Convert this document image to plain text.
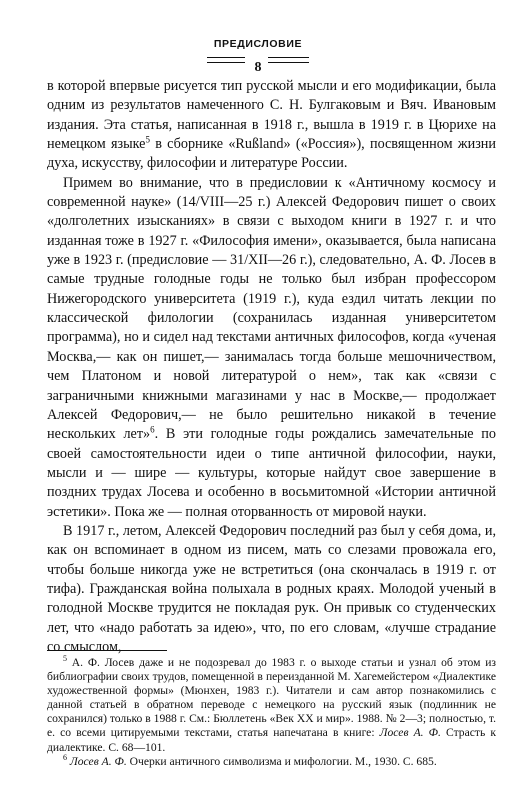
ПРЕДИСЛОВИЕ
8

в которой впервые рисуется тип русской мысли и его модификации, была одним из результатов намеченного С. Н. Булгаковым и Вяч. Ивановым издания. Эта статья, написанная в 1918 г., вышла в 1919 г. в Цюрихе на немецком языке$^5$ в сборнике «Rußland» («Россия»), посвященном жизни духа, искусству, философии и литературе России.

Примем во внимание, что в предисловии к «Античному космосу и современной науке» (14/VIII—25 г.) Алексей Федорович пишет о своих «долголетних изысканиях» в связи с выходом книги в 1927 г. и что изданная тоже в 1927 г. «Философия имени», оказывается, была написана уже в 1923 г. (предисловие — 31/XII—26 г.), следовательно, А. Ф. Лосев в самые трудные голодные годы не только был избран профессором Нижегородского университета (1919 г.), куда ездил читать лекции по классической филологии (сохранилась изданная университетом программа), но и сидел над текстами античных философов, когда «ученая Москва,— как он пишет,— занималась тогда больше мешочничеством, чем Платоном и новой литературой о нем», так как «связи с заграничными книжными магазинами у нас в Москве,— продолжает Алексей Федорович,— не было решительно никакой в течение нескольких лет»$^6$. В эти голодные годы рождались замечательные по своей самостоятельности идеи о типе античной философии, науки, мысли и — шире — культуры, которые найдут свое завершение в поздних трудах Лосева и особенно в восьмитомной «Истории античной эстетики». Пока же — полная оторванность от мировой науки.

В 1917 г., летом, Алексей Федорович последний раз был у себя дома, и, как он вспоминает в одном из писем, мать со слезами провожала его, чтобы больше никогда уже не встретиться (она скончалась в 1919 г. от тифа). Гражданская война полыхала в родных краях. Молодой ученый в голодной Москве трудится не покладая рук. Он привык со студенческих лет, что «надо работать за идею», что, по его словам, «лучше страдание со смыслом,

$^5$ А. Ф. Лосев даже и не подозревал до 1983 г. о выходе статьи и узнал об этом из библиографии своих трудов, помещенной в переизданной М. Хагемейстером «Диалектике художественной формы» (Мюнхен, 1983 г.). Читатели и сам автор познакомились с данной статьей в обратном переводе с немецкого на русский язык (подлинник не сохранился) только в 1988 г. См.: Бюллетень «Век XX и мир». 1988. № 2—3; полностью, т. е. со всеми цитируемыми текстами, статья напечатана в книге: Лосев А. Ф. Страсть к диалектике. С. 68—101.

$^6$ Лосев А. Ф. Очерки античного символизма и мифологии. М., 1930. С. 685.
